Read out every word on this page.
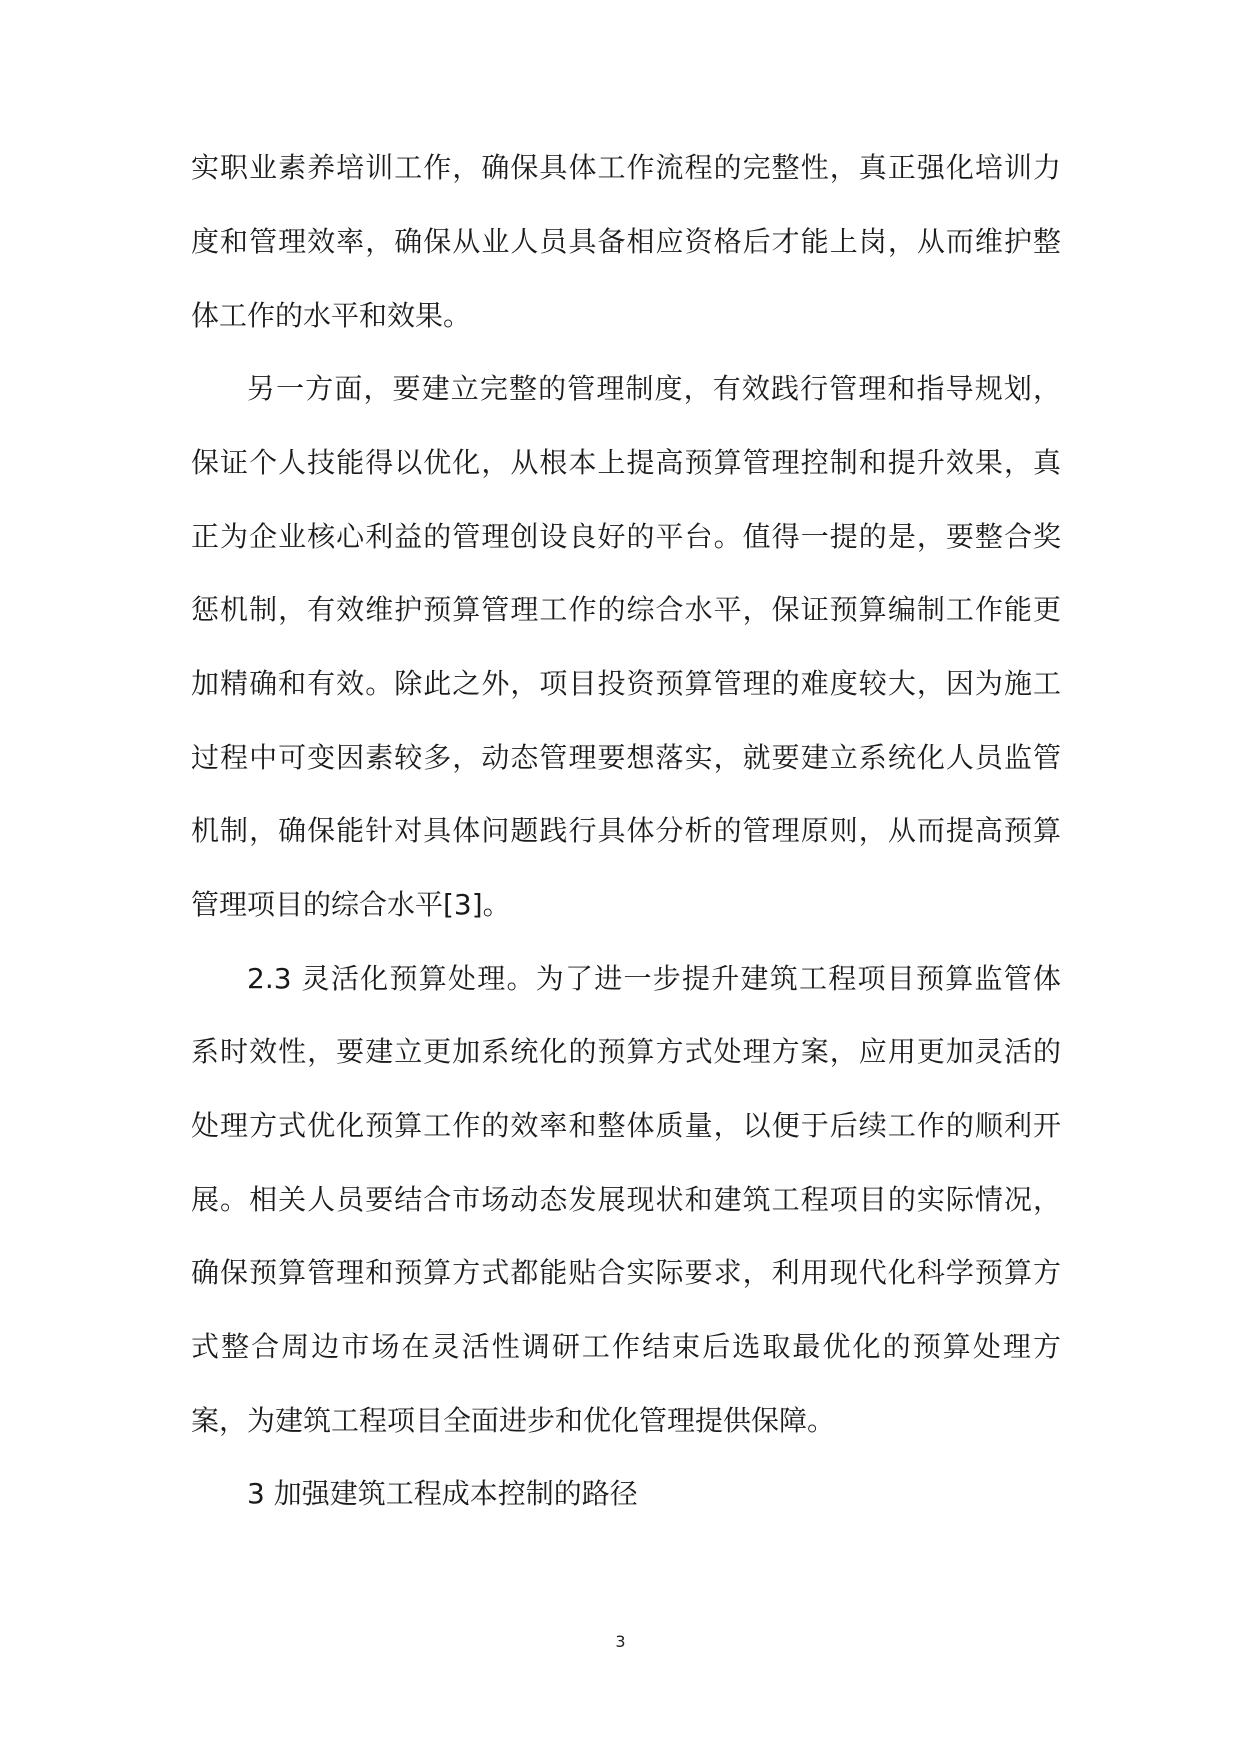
实职业素养培训工作，确保具体工作流程的完整性，真正强化培训力
度和管理效率，确保从业人员具备相应资格后才能上岗，从而维护整
体工作的水平和效果。
另一方面，要建立完整的管理制度，有效践行管理和指导规划，
保证个人技能得以优化，从根本上提高预算管理控制和提升效果，真
正为企业核心利益的管理创设良好的平台。值得一提的是，要整合奖
惩机制，有效维护预算管理工作的综合水平，保证预算编制工作能更
加精确和有效。除此之外，项目投资预算管理的难度较大，因为施工
过程中可变因素较多，动态管理要想落实，就要建立系统化人员监管
机制，确保能针对具体问题践行具体分析的管理原则，从而提高预算
管理项目的综合水平[3]。
2.3 灵活化预算处理。为了进一步提升建筑工程项目预算监管体
系时效性，要建立更加系统化的预算方式处理方案，应用更加灵活的
处理方式优化预算工作的效率和整体质量，以便于后续工作的顺利开
展。相关人员要结合市场动态发展现状和建筑工程项目的实际情况，
确保预算管理和预算方式都能贴合实际要求，利用现代化科学预算方
式整合周边市场在灵活性调研工作结束后选取最优化的预算处理方
案，为建筑工程项目全面进步和优化管理提供保障。
3 加强建筑工程成本控制的路径
3
